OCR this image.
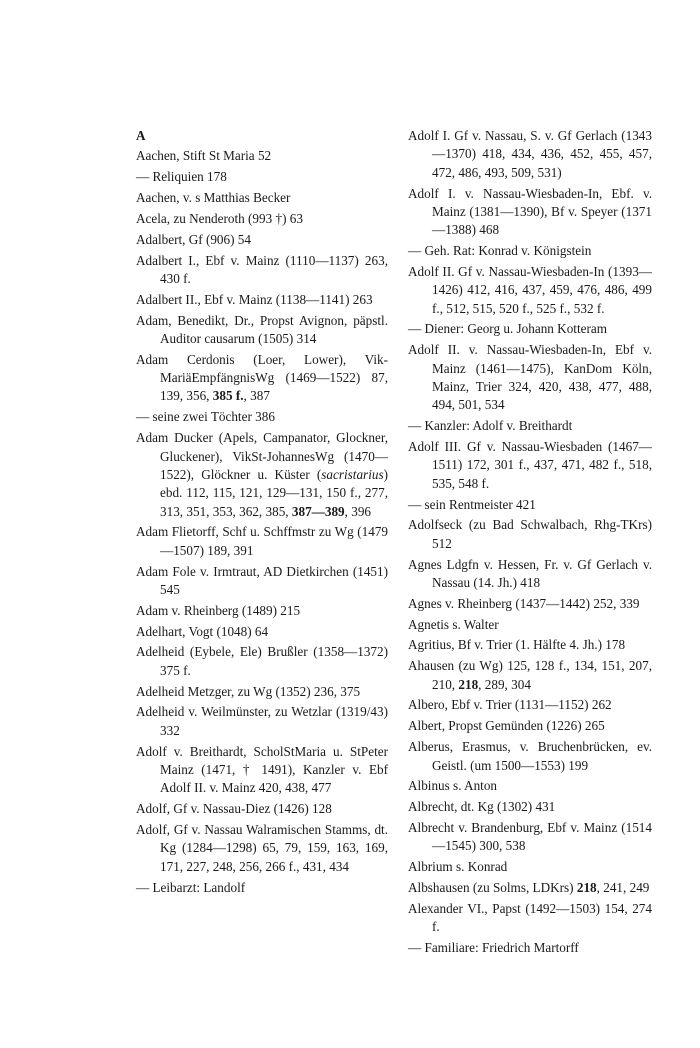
A
Aachen, Stift St Maria 52
— Reliquien 178
Aachen, v. s Matthias Becker
Acela, zu Nenderoth (993 †) 63
Adalbert, Gf (906) 54
Adalbert I., Ebf v. Mainz (1110—1137) 263, 430 f.
Adalbert II., Ebf v. Mainz (1138—1141) 263
Adam, Benedikt, Dr., Propst Avignon, päpstl. Auditor causarum (1505) 314
Adam Cerdonis (Loer, Lower), Vik-MariäEmpfängnisWg (1469—1522) 87, 139, 356, 385 f., 387
— seine zwei Töchter 386
Adam Ducker (Apels, Campanator, Glockner, Gluckener), VikSt-JohannesWg (1470—1522), Glöckner u. Küster (sacristarius) ebd. 112, 115, 121, 129—131, 150 f., 277, 313, 351, 353, 362, 385, 387—389, 396
Adam Flietorff, Schf u. Schffmstr zu Wg (1479—1507) 189, 391
Adam Fole v. Irmtraut, AD Dietkirchen (1451) 545
Adam v. Rheinberg (1489) 215
Adelhart, Vogt (1048) 64
Adelheid (Eybele, Ele) Brußler (1358—1372) 375 f.
Adelheid Metzger, zu Wg (1352) 236, 375
Adelheid v. Weilmünster, zu Wetzlar (1319/43) 332
Adolf v. Breithardt, ScholStMaria u. StPeter Mainz (1471, † 1491), Kanzler v. Ebf Adolf II. v. Mainz 420, 438, 477
Adolf, Gf v. Nassau-Diez (1426) 128
Adolf, Gf v. Nassau Walramischen Stamms, dt. Kg (1284—1298) 65, 79, 159, 163, 169, 171, 227, 248, 256, 266 f., 431, 434
— Leibarzt: Landolf
Adolf I. Gf v. Nassau, S. v. Gf Gerlach (1343—1370) 418, 434, 436, 452, 455, 457, 472, 486, 493, 509, 531)
Adolf I. v. Nassau-Wiesbaden-In, Ebf. v. Mainz (1381—1390), Bf v. Speyer (1371—1388) 468
— Geh. Rat: Konrad v. Königstein
Adolf II. Gf v. Nassau-Wiesbaden-In (1393—1426) 412, 416, 437, 459, 476, 486, 499 f., 512, 515, 520 f., 525 f., 532 f.
— Diener: Georg u. Johann Kotteram
Adolf II. v. Nassau-Wiesbaden-In, Ebf v. Mainz (1461—1475), KanDom Köln, Mainz, Trier 324, 420, 438, 477, 488, 494, 501, 534
— Kanzler: Adolf v. Breithardt
Adolf III. Gf v. Nassau-Wiesbaden (1467—1511) 172, 301 f., 437, 471, 482 f., 518, 535, 548 f.
— sein Rentmeister 421
Adolfseck (zu Bad Schwalbach, Rhg-TKrs) 512
Agnes Ldgfn v. Hessen, Fr. v. Gf Gerlach v. Nassau (14. Jh.) 418
Agnes v. Rheinberg (1437—1442) 252, 339
Agnetis s. Walter
Agritius, Bf v. Trier (1. Hälfte 4. Jh.) 178
Ahausen (zu Wg) 125, 128 f., 134, 151, 207, 210, 218, 289, 304
Albero, Ebf v. Trier (1131—1152) 262
Albert, Propst Gemünden (1226) 265
Alberus, Erasmus, v. Bruchenbrücken, ev. Geistl. (um 1500—1553) 199
Albinus s. Anton
Albrecht, dt. Kg (1302) 431
Albrecht v. Brandenburg, Ebf v. Mainz (1514—1545) 300, 538
Albrium s. Konrad
Albshausen (zu Solms, LDKrs) 218, 241, 249
Alexander VI., Papst (1492—1503) 154, 274 f.
— Familiare: Friedrich Martorff
